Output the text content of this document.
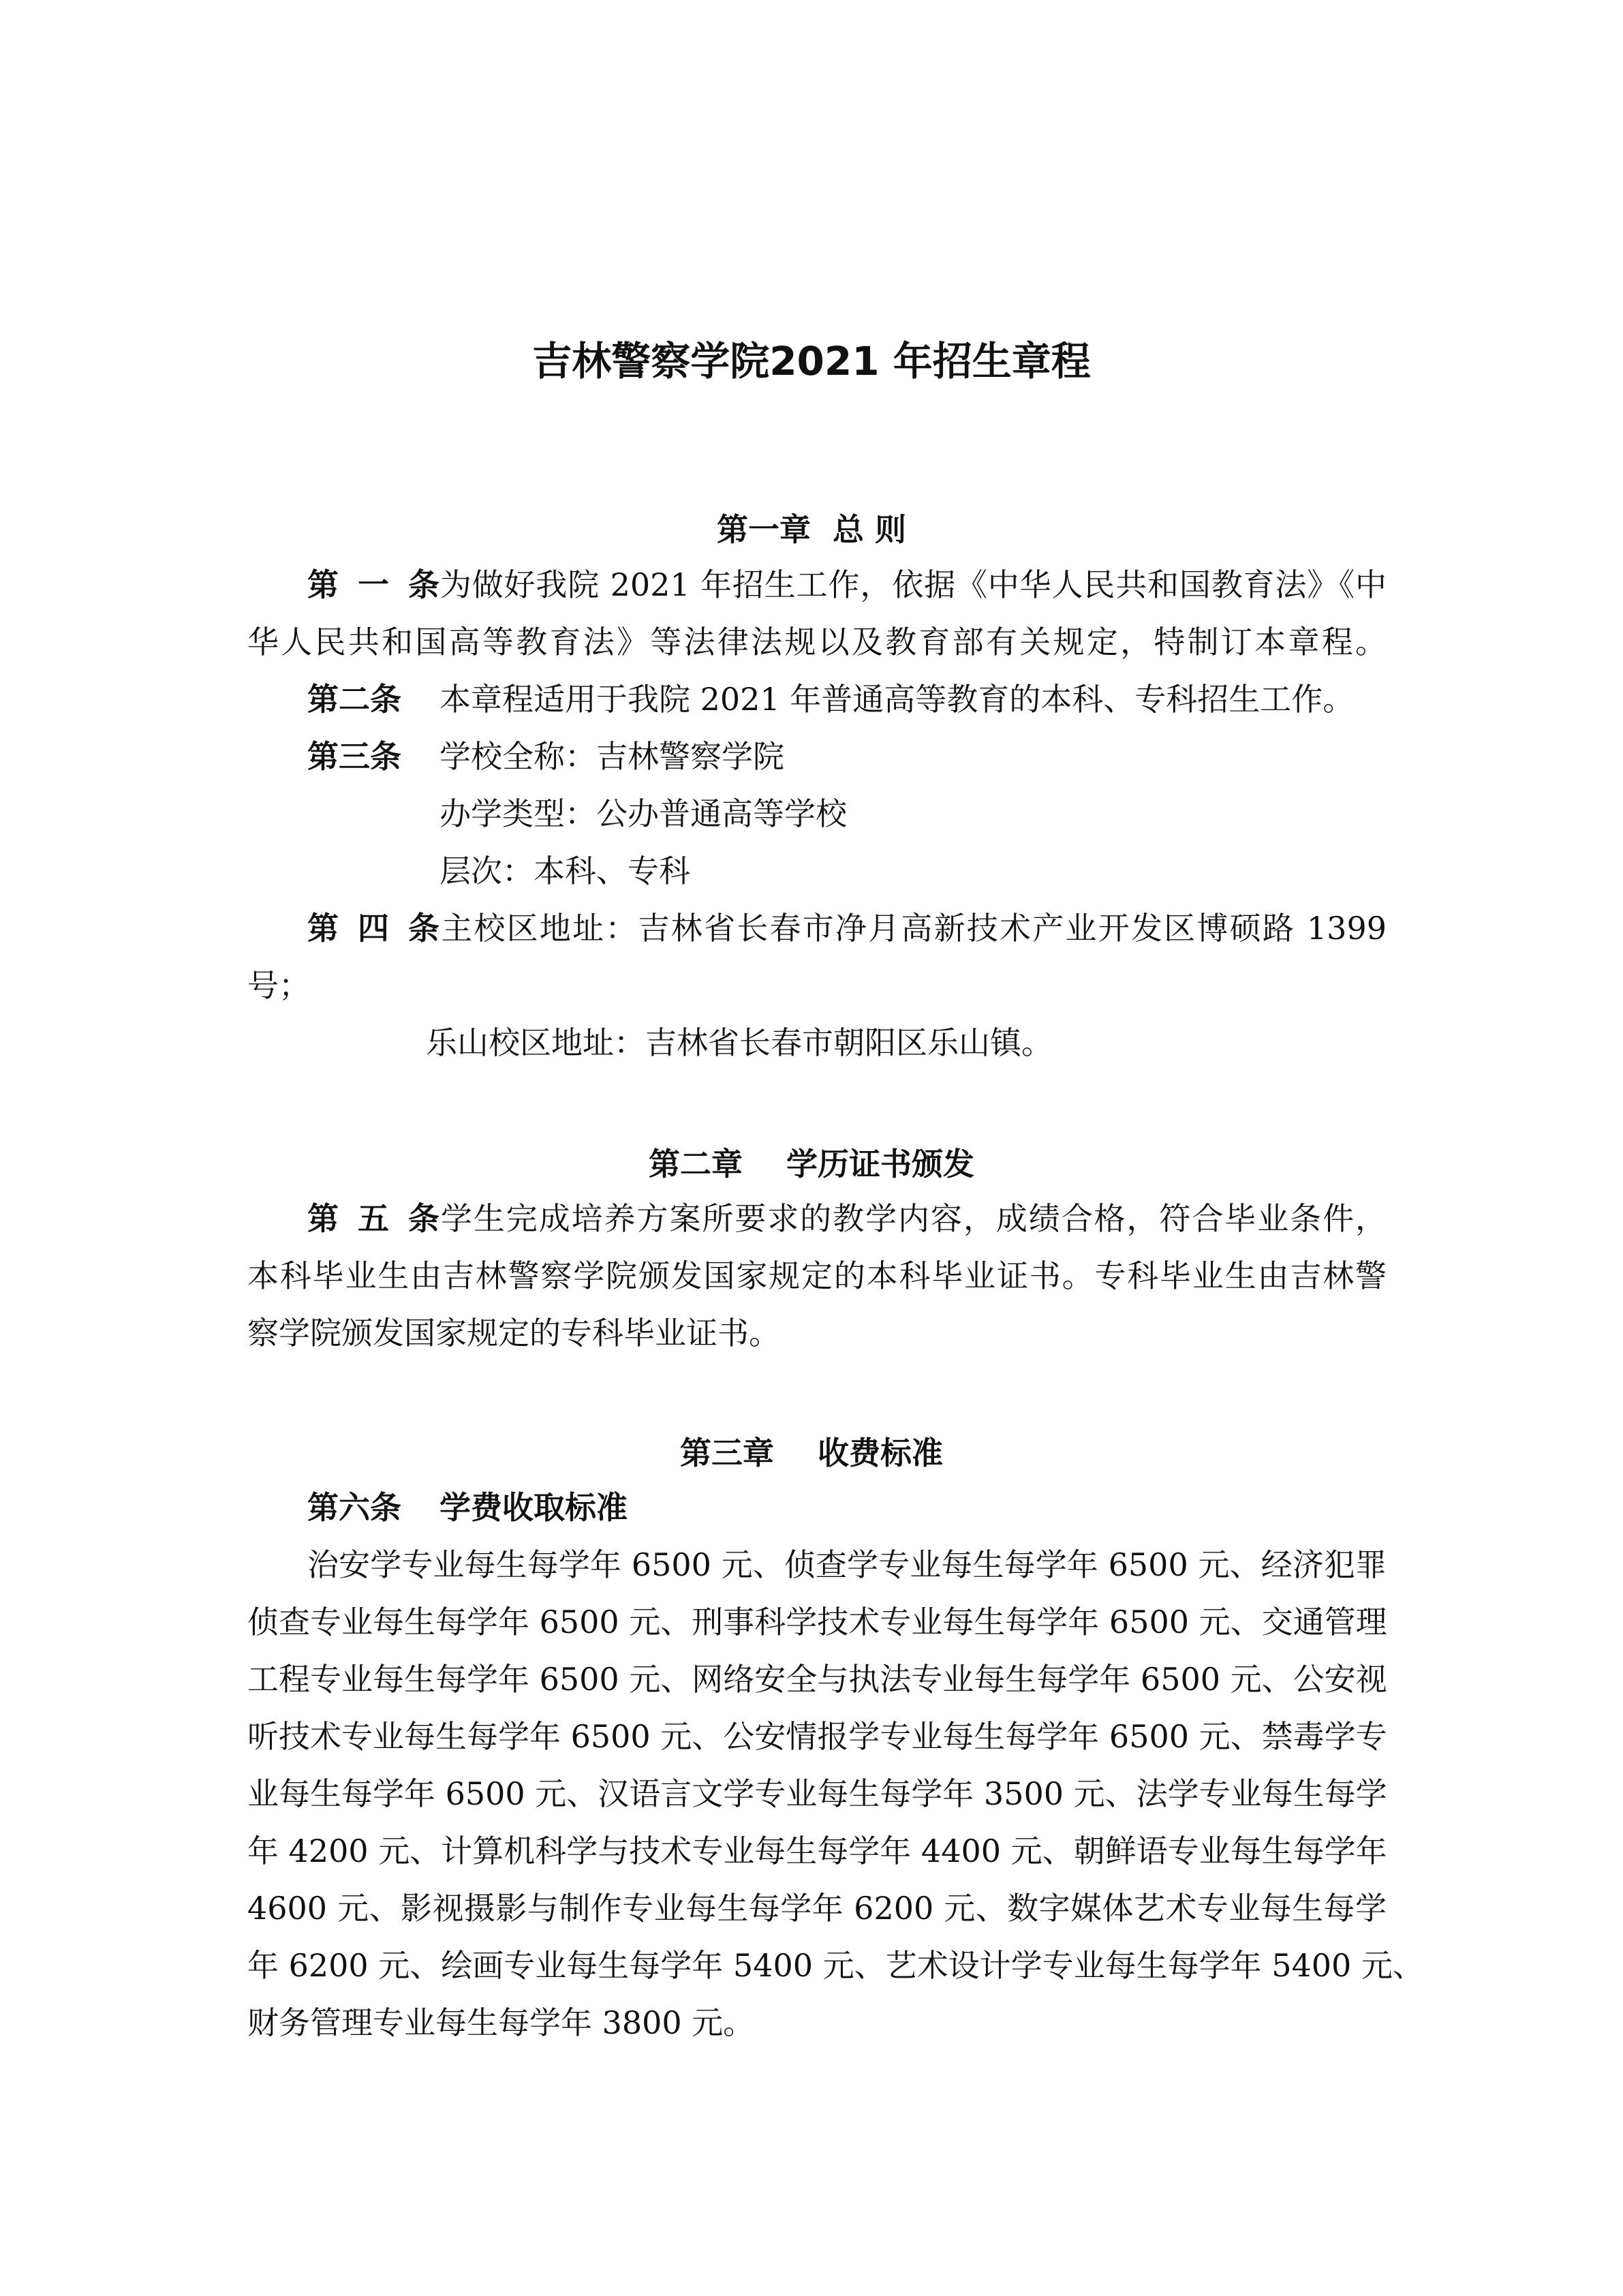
吉林警察学院2021 年招生章程
第一章  总 则
第一条为做好我院 2021 年招生工作，依据《中华人民共和国教育法》《中
华人民共和国高等教育法》等法律法规以及教育部有关规定，特制订本章程。
第二条 本章程适用于我院 2021 年普通高等教育的本科、专科招生工作。
第三条 学校全称：吉林警察学院
办学类型：公办普通高等学校
层次：本科、专科
第四条主校区地址：吉林省长春市净月高新技术产业开发区博硕路 1399
号；
乐山校区地址：吉林省长春市朝阳区乐山镇。
第二章    学历证书颁发
第五条学生完成培养方案所要求的教学内容，成绩合格，符合毕业条件，
本科毕业生由吉林警察学院颁发国家规定的本科毕业证书。专科毕业生由吉林警
察学院颁发国家规定的专科毕业证书。
第三章    收费标准
第六条 学费收取标准
治安学专业每生每学年 6500 元、侦查学专业每生每学年 6500 元、经济犯罪
侦查专业每生每学年 6500 元、刑事科学技术专业每生每学年 6500 元、交通管理
工程专业每生每学年 6500 元、网络安全与执法专业每生每学年 6500 元、公安视
听技术专业每生每学年 6500 元、公安情报学专业每生每学年 6500 元、禁毒学专
业每生每学年 6500 元、汉语言文学专业每生每学年 3500 元、法学专业每生每学
年 4200 元、计算机科学与技术专业每生每学年 4400 元、朝鲜语专业每生每学年
4600 元、影视摄影与制作专业每生每学年 6200 元、数字媒体艺术专业每生每学
年 6200 元、绘画专业每生每学年 5400 元、艺术设计学专业每生每学年 5400 元、
财务管理专业每生每学年 3800 元。
